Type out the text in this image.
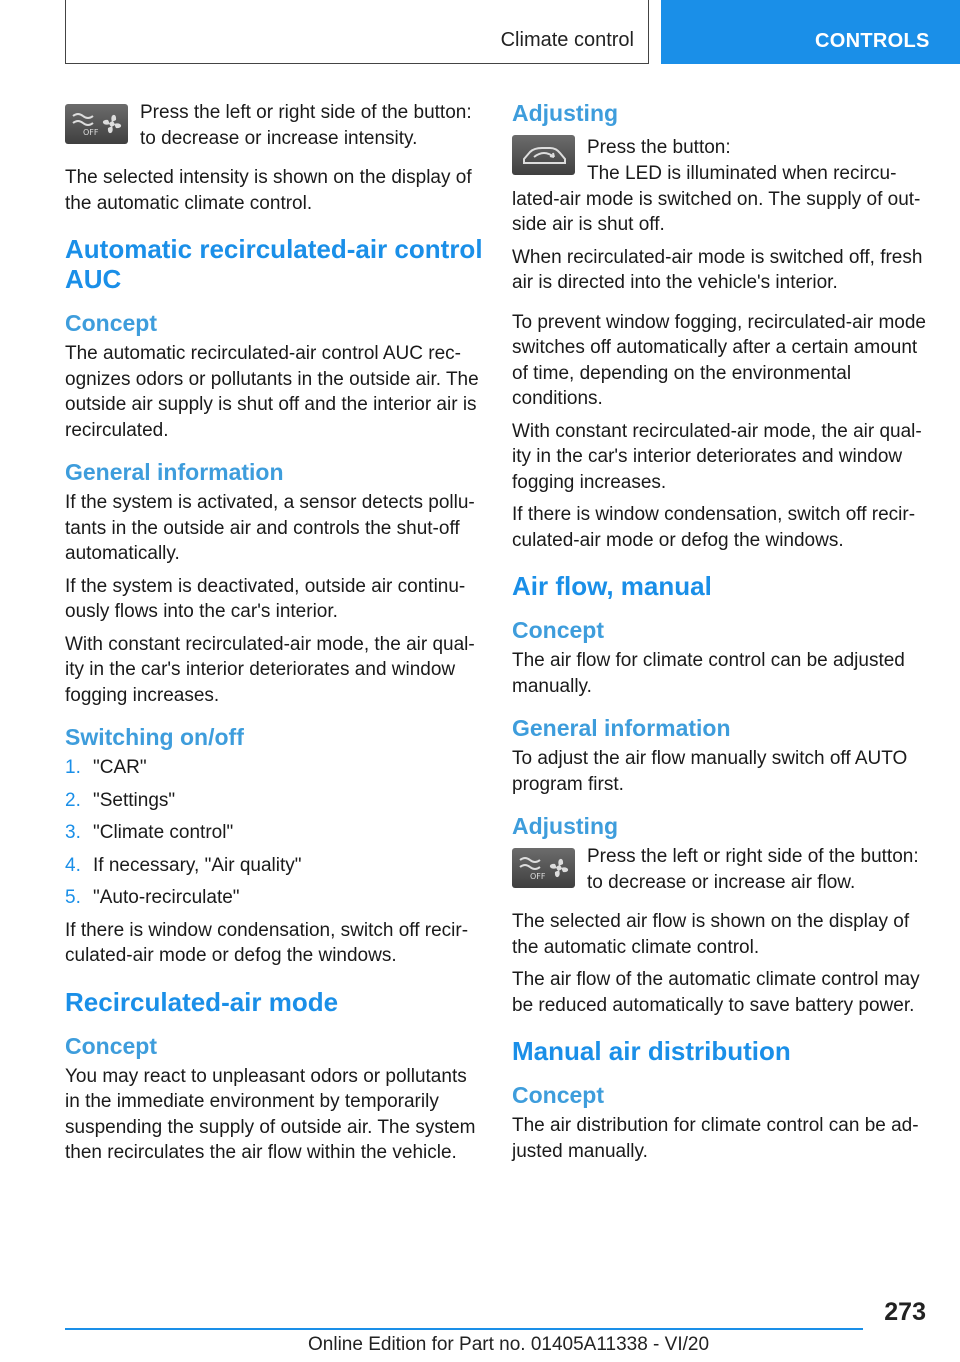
Climate control	CONTROLS
OFF

Press the left or right side of the button: to decrease or increase intensity.

The selected intensity is shown on the display of the automatic climate control.

Automatic recirculated-air control AUC
Concept

The automatic recirculated-air control AUC rec-ognizes odors or pollutants in the outside air. The outside air supply is shut off and the interior air is recirculated.

General information

If the system is activated, a sensor detects pollu-tants in the outside air and controls the shut-off automatically.

If the system is deactivated, outside air continu-ously flows into the car's interior.

With constant recirculated-air mode, the air qual-ity in the car's interior deteriorates and window fogging increases.

Switching on/off
1. "CAR"
2. "Settings"
3. "Climate control"
4. If necessary, "Air quality"
5. "Auto-recirculate"

If there is window condensation, switch off recir-culated-air mode or defog the windows.

Recirculated-air mode
Concept

You may react to unpleasant odors or pollutants in the immediate environment by temporarily suspending the supply of outside air. The system then recirculates the air flow within the vehicle.

Adjusting

Press the button:

The LED is illuminated when recircu-lated-air mode is switched on. The supply of out-side air is shut off.

When recirculated-air mode is switched off, fresh air is directed into the vehicle's interior.

To prevent window fogging, recirculated-air mode switches off automatically after a certain amount of time, depending on the environmental conditions.

With constant recirculated-air mode, the air qual-ity in the car's interior deteriorates and window fogging increases.

If there is window condensation, switch off recir-culated-air mode or defog the windows.

Air flow, manual
Concept

The air flow for climate control can be adjusted manually.

General information

To adjust the air flow manually switch off AUTO program first.

Adjusting
OFF

Press the left or right side of the button: to decrease or increase air flow.

The selected air flow is shown on the display of the automatic climate control.

The air flow of the automatic climate control may be reduced automatically to save battery power.

Manual air distribution
Concept

The air distribution for climate control can be ad-justed manually.

273
Online Edition for Part no. 01405A11338 - VI/20
